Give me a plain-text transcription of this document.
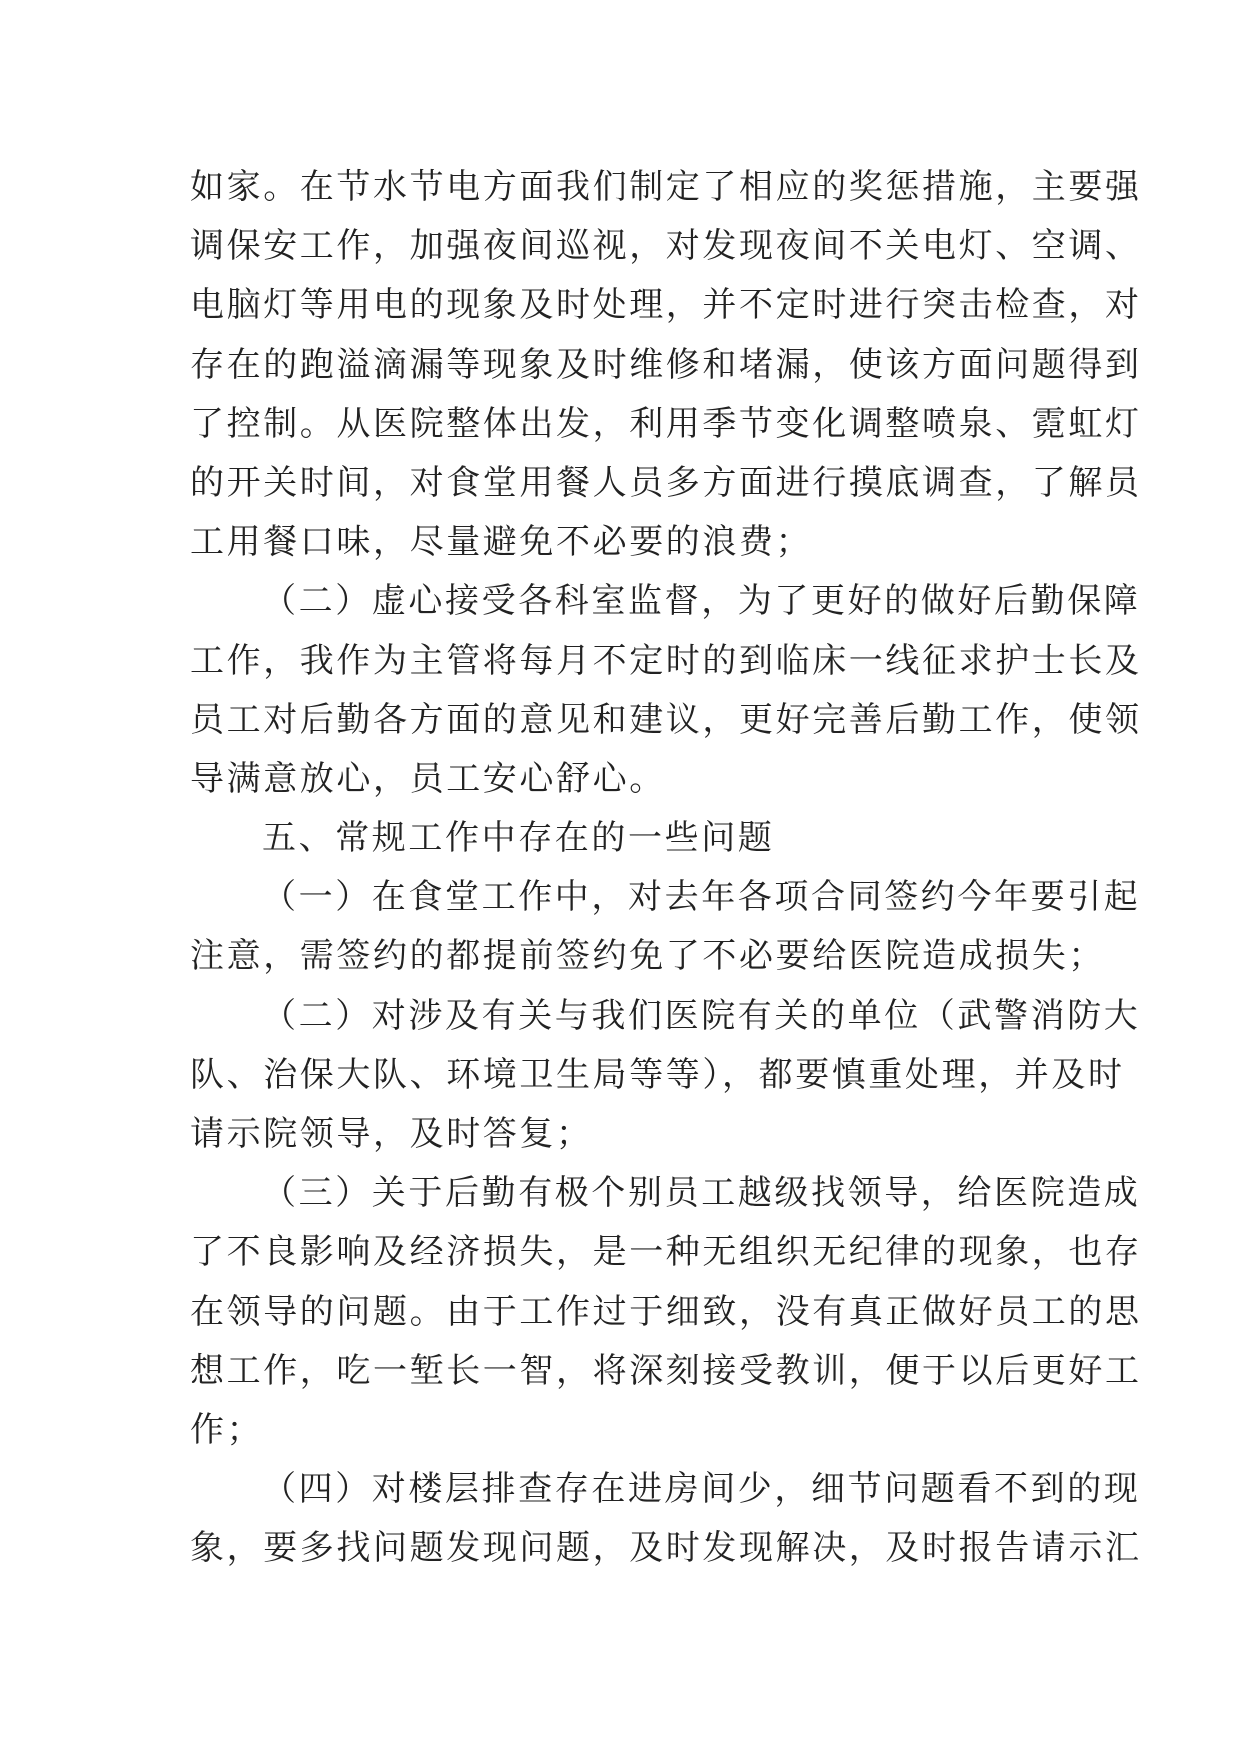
如家。在节水节电方面我们制定了相应的奖惩措施，主要强
调保安工作，加强夜间巡视，对发现夜间不关电灯、空调、
电脑灯等用电的现象及时处理，并不定时进行突击检查，对
存在的跑溢滴漏等现象及时维修和堵漏，使该方面问题得到
了控制。从医院整体出发，利用季节变化调整喷泉、霓虹灯
的开关时间，对食堂用餐人员多方面进行摸底调查，了解员
工用餐口味，尽量避免不必要的浪费；
（二）虚心接受各科室监督，为了更好的做好后勤保障
工作，我作为主管将每月不定时的到临床一线征求护士长及
员工对后勤各方面的意见和建议，更好完善后勤工作，使领
导满意放心，员工安心舒心。
五、常规工作中存在的一些问题
（一）在食堂工作中，对去年各项合同签约今年要引起
注意，需签约的都提前签约免了不必要给医院造成损失；
（二）对涉及有关与我们医院有关的单位（武警消防大
队、治保大队、环境卫生局等等），都要慎重处理，并及时
请示院领导，及时答复；
（三）关于后勤有极个别员工越级找领导，给医院造成
了不良影响及经济损失，是一种无组织无纪律的现象，也存
在领导的问题。由于工作过于细致，没有真正做好员工的思
想工作，吃一堑长一智，将深刻接受教训，便于以后更好工
作；
（四）对楼层排查存在进房间少，细节问题看不到的现
象，要多找问题发现问题，及时发现解决，及时报告请示汇
